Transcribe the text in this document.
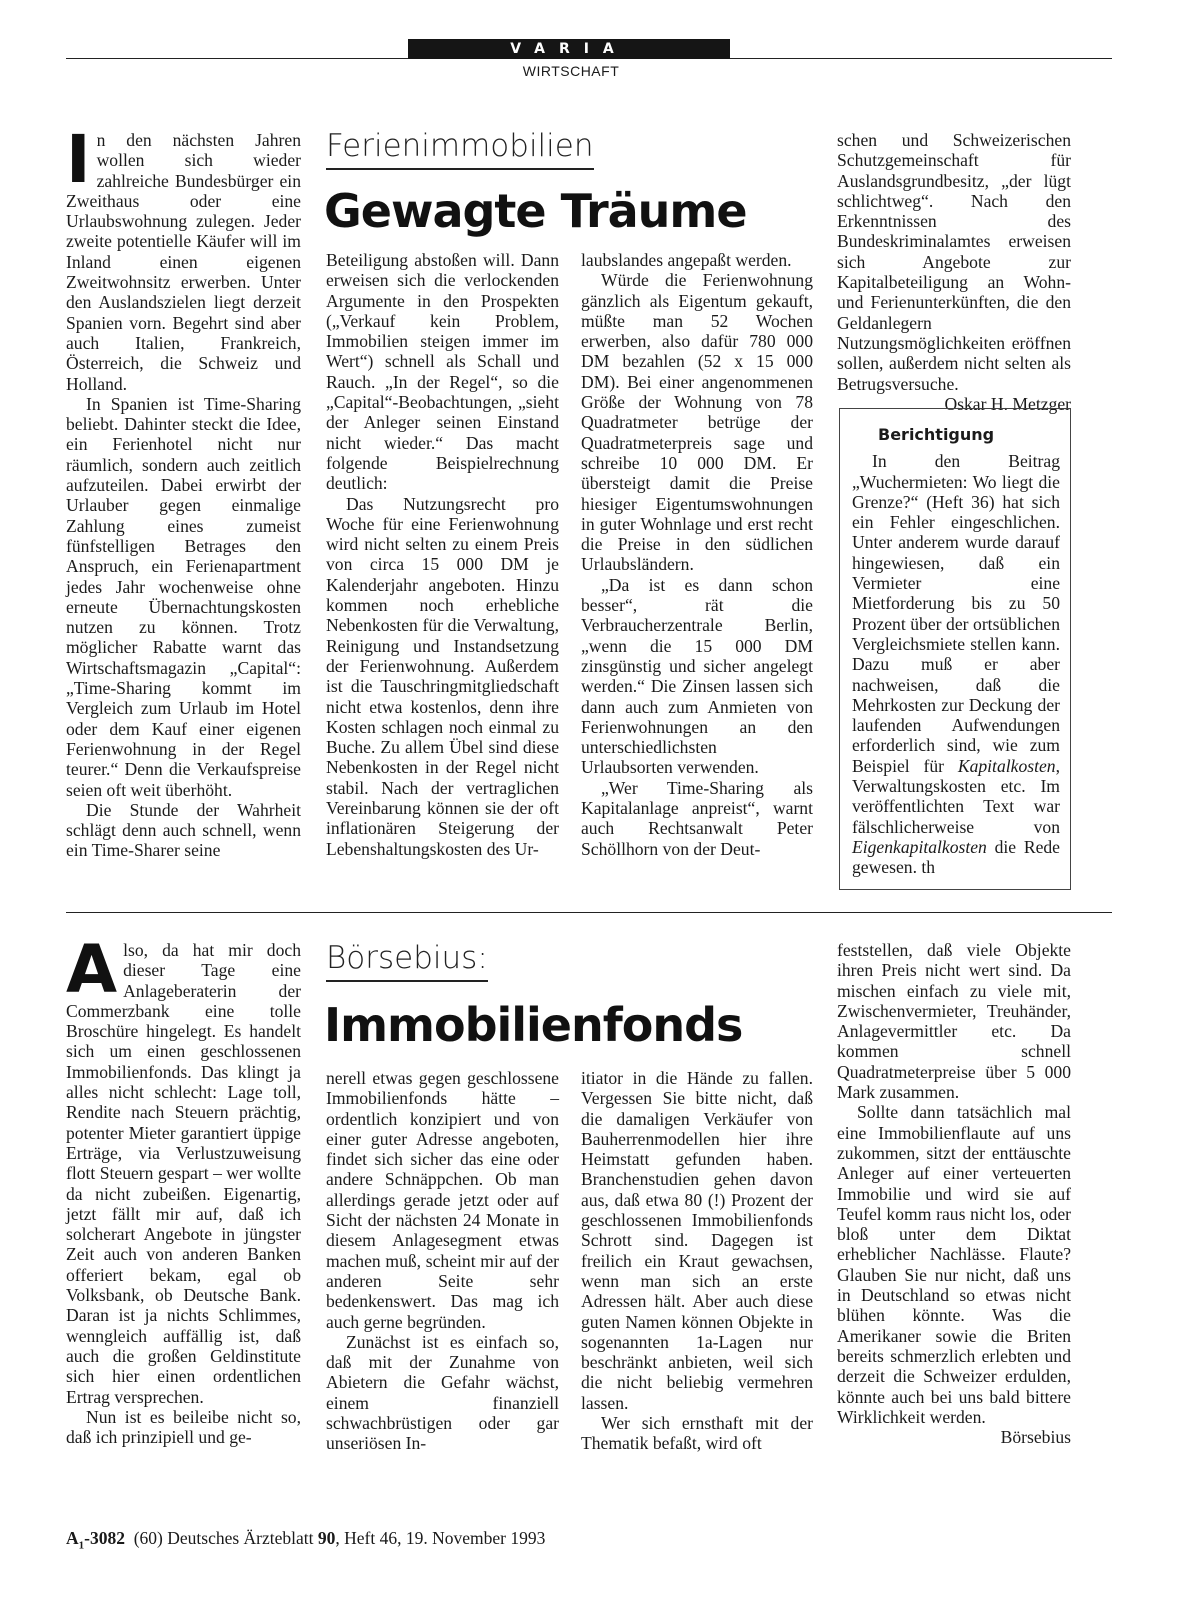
VARIA
WIRTSCHAFT
I n den nächsten Jahren wollen sich wieder zahlreiche Bundesbürger ein Zweithaus oder eine Urlaubswohnung zulegen. Jeder zweite potentielle Käufer will im Inland einen eigenen Zweitwohnsitz erwerben. Unter den Auslandszielen liegt derzeit Spanien vorn. Begehrt sind aber auch Italien, Frankreich, Österreich, die Schweiz und Holland.

In Spanien ist Time-Sharing beliebt. Dahinter steckt die Idee, ein Ferienhotel nicht nur räumlich, sondern auch zeitlich aufzuteilen. Dabei erwirbt der Urlauber gegen einmalige Zahlung eines zumeist fünfstelligen Betrages den Anspruch, ein Ferienapartment jedes Jahr wochenweise ohne erneute Übernachtungskosten nutzen zu können. Trotz möglicher Rabatte warnt das Wirtschaftsmagazin „Capital“: „Time-Sharing kommt im Vergleich zum Urlaub im Hotel oder dem Kauf einer eigenen Ferienwohnung in der Regel teurer.“ Denn die Verkaufspreise seien oft weit überhöht.

Die Stunde der Wahrheit schlägt denn auch schnell, wenn ein Time-Sharer seine

Ferienimmobilien
Gewagte Träume

Beteiligung abstoßen will. Dann erweisen sich die verlockenden Argumente in den Prospekten („Verkauf kein Problem, Immobilien steigen immer im Wert“) schnell als Schall und Rauch. „In der Regel“, so die „Capital“-Beobachtungen, „sieht der Anleger seinen Einstand nicht wieder.“ Das macht folgende Beispielrechnung deutlich:

Das Nutzungsrecht pro Woche für eine Ferienwohnung wird nicht selten zu einem Preis von circa 15 000 DM je Kalenderjahr angeboten. Hinzu kommen noch erhebliche Nebenkosten für die Verwaltung, Reinigung und Instandsetzung der Ferienwohnung. Außerdem ist die Tauschringmitgliedschaft nicht etwa kostenlos, denn ihre Kosten schlagen noch einmal zu Buche. Zu allem Übel sind diese Nebenkosten in der Regel nicht stabil. Nach der vertraglichen Vereinbarung können sie der oft inflationären Steigerung der Lebenshaltungskosten des Ur-

laubslandes angepaßt werden.

Würde die Ferienwohnung gänzlich als Eigentum gekauft, müßte man 52 Wochen erwerben, also dafür 780 000 DM bezahlen (52 x 15 000 DM). Bei einer angenommenen Größe der Wohnung von 78 Quadratmeter betrüge der Quadratmeterpreis sage und schreibe 10 000 DM. Er übersteigt damit die Preise hiesiger Eigentumswohnungen in guter Wohnlage und erst recht die Preise in den südlichen Urlaubsländern.

„Da ist es dann schon besser“, rät die Verbraucherzentrale Berlin, „wenn die 15 000 DM zinsgünstig und sicher angelegt werden.“ Die Zinsen lassen sich dann auch zum Anmieten von Ferienwohnungen an den unterschiedlichsten Urlaubsorten verwenden.

„Wer Time-Sharing als Kapitalanlage anpreist“, warnt auch Rechtsanwalt Peter Schöllhorn von der Deut-

schen und Schweizerischen Schutzgemeinschaft für Auslandsgrundbesitz, „der lügt schlichtweg“. Nach den Erkenntnissen des Bundeskriminalamtes erweisen sich Angebote zur Kapitalbeteiligung an Wohn- und Ferienunterkünften, die den Geldanlegern Nutzungsmöglichkeiten eröffnen sollen, außerdem nicht selten als Betrugsversuche.
Oskar H. Metzger

Berichtigung

In den Beitrag „Wuchermieten: Wo liegt die Grenze?“ (Heft 36) hat sich ein Fehler eingeschlichen. Unter anderem wurde darauf hingewiesen, daß ein Vermieter eine Mietforderung bis zu 50 Prozent über der ortsüblichen Vergleichsmiete stellen kann. Dazu muß er aber nachweisen, daß die Mehrkosten zur Deckung der laufenden Aufwendungen erforderlich sind, wie zum Beispiel für Kapitalkosten, Verwaltungskosten etc. Im veröffentlichten Text war fälschlicherweise von Eigenkapitalkosten die Rede gewesen. th

A lso, da hat mir doch dieser Tage eine Anlageberaterin der Commerzbank eine tolle Broschüre hingelegt. Es handelt sich um einen geschlossenen Immobilienfonds. Das klingt ja alles nicht schlecht: Lage toll, Rendite nach Steuern prächtig, potenter Mieter garantiert üppige Erträge, via Verlustzuweisung flott Steuern gespart – wer wollte da nicht zubeißen. Eigenartig, jetzt fällt mir auf, daß ich solcherart Angebote in jüngster Zeit auch von anderen Banken offeriert bekam, egal ob Volksbank, ob Deutsche Bank. Daran ist ja nichts Schlimmes, wenngleich auffällig ist, daß auch die großen Geldinstitute sich hier einen ordentlichen Ertrag versprechen.

Nun ist es beileibe nicht so, daß ich prinzipiell und ge-

Börsebius:
Immobilienfonds

nerell etwas gegen geschlossene Immobilienfonds hätte – ordentlich konzipiert und von einer guter Adresse angeboten, findet sich sicher das eine oder andere Schnäppchen. Ob man allerdings gerade jetzt oder auf Sicht der nächsten 24 Monate in diesem Anlagesegment etwas machen muß, scheint mir auf der anderen Seite sehr bedenkenswert. Das mag ich auch gerne begründen.

Zunächst ist es einfach so, daß mit der Zunahme von Abietern die Gefahr wächst, einem finanziell schwachbrüstigen oder gar unseriösen In-

itiator in die Hände zu fallen. Vergessen Sie bitte nicht, daß die damaligen Verkäufer von Bauherrenmodellen hier ihre Heimstatt gefunden haben. Branchenstudien gehen davon aus, daß etwa 80 (!) Prozent der geschlossenen Immobilienfonds Schrott sind. Dagegen ist freilich ein Kraut gewachsen, wenn man sich an erste Adressen hält. Aber auch diese guten Namen können Objekte in sogenannten 1a-Lagen nur beschränkt anbieten, weil sich die nicht beliebig vermehren lassen.

Wer sich ernsthaft mit der Thematik befaßt, wird oft

feststellen, daß viele Objekte ihren Preis nicht wert sind. Da mischen einfach zu viele mit, Zwischenvermieter, Treuhänder, Anlagevermittler etc. Da kommen schnell Quadratmeterpreise über 5 000 Mark zusammen.

Sollte dann tatsächlich mal eine Immobilienflaute auf uns zukommen, sitzt der enttäuschte Anleger auf einer verteuerten Immobilie und wird sie auf Teufel komm raus nicht los, oder bloß unter dem Diktat erheblicher Nachlässe. Flaute? Glauben Sie nur nicht, daß uns in Deutschland so etwas nicht blühen könnte. Was die Amerikaner sowie die Briten bereits schmerzlich erlebten und derzeit die Schweizer erdulden, könnte auch bei uns bald bittere Wirklichkeit werden.
Börsebius

$A_1-3082$ (60) Deutsches Ärzteblatt 90, Heft 46, 19. November 1993
